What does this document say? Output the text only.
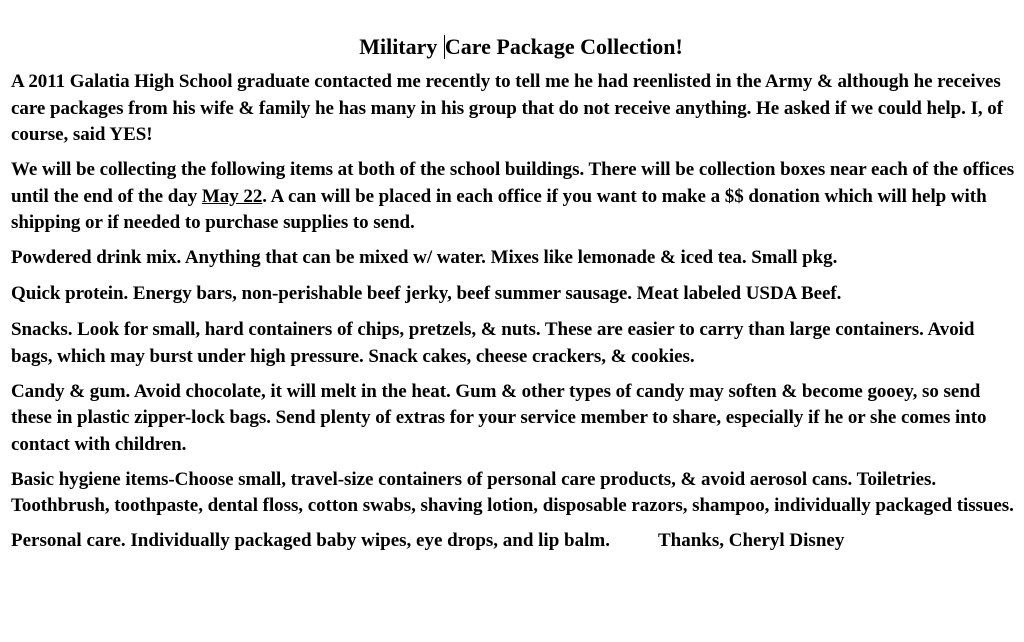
Military Care Package Collection!

A 2011 Galatia High School graduate contacted me recently to tell me he had reenlisted in the Army & although he receives care packages from his wife & family he has many in his group that do not receive anything. He asked if we could help. I, of course, said YES!

We will be collecting the following items at both of the school buildings. There will be collection boxes near each of the offices until the end of the day May 22. A can will be placed in each office if you want to make a $$ donation which will help with shipping or if needed to purchase supplies to send.

Powdered drink mix. Anything that can be mixed w/ water. Mixes like lemonade & iced tea. Small pkg.

Quick protein. Energy bars, non-perishable beef jerky, beef summer sausage. Meat labeled USDA Beef.

Snacks. Look for small, hard containers of chips, pretzels, & nuts. These are easier to carry than large containers. Avoid bags, which may burst under high pressure. Snack cakes, cheese crackers, & cookies.

Candy & gum. Avoid chocolate, it will melt in the heat. Gum & other types of candy may soften & become gooey, so send these in plastic zipper-lock bags. Send plenty of extras for your service member to share, especially if he or she comes into contact with children.

Basic hygiene items-Choose small, travel-size containers of personal care products, & avoid aerosol cans. Toiletries. Toothbrush, toothpaste, dental floss, cotton swabs, shaving lotion, disposable razors, shampoo, individually packaged tissues.

Personal care. Individually packaged baby wipes, eye drops, and lip balm.	Thanks, Cheryl Disney
